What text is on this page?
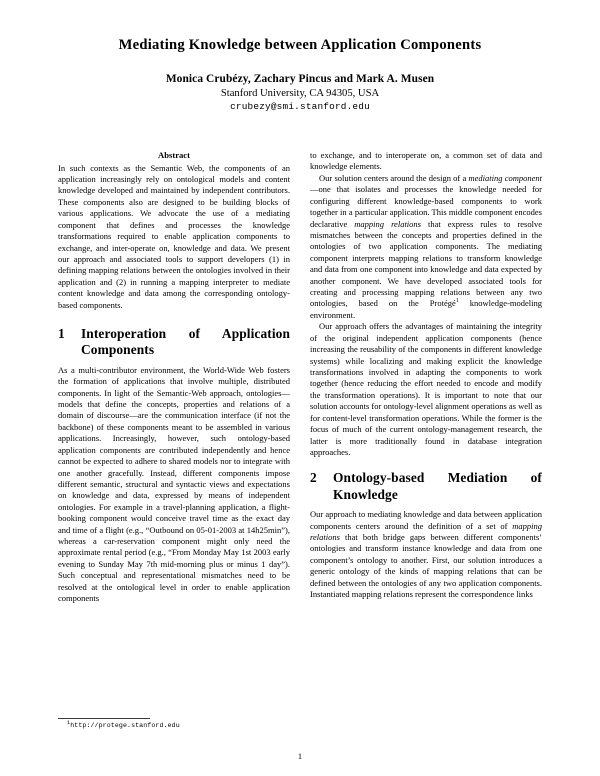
Mediating Knowledge between Application Components
Monica Crubézy, Zachary Pincus and Mark A. Musen
Stanford University, CA 94305, USA
crubezy@smi.stanford.edu
Abstract

In such contexts as the Semantic Web, the components of an application increasingly rely on ontological models and content knowledge developed and maintained by independent contributors. These components also are designed to be building blocks of various applications. We advocate the use of a mediating component that defines and processes the knowledge transformations required to enable application components to exchange, and inter-operate on, knowledge and data. We present our approach and associated tools to support developers (1) in defining mapping relations between the ontologies involved in their application and (2) in running a mapping interpreter to mediate content knowledge and data among the corresponding ontology-based components.

1	Interoperation of Application Components

As a multi-contributor environment, the World-Wide Web fosters the formation of applications that involve multiple, distributed components. In light of the Semantic-Web approach, ontologies—models that define the concepts, properties and relations of a domain of discourse—are the communication interface (if not the backbone) of these components meant to be assembled in various applications. Increasingly, however, such ontology-based application components are contributed independently and hence cannot be expected to adhere to shared models nor to integrate with one another gracefully. Instead, different components impose different semantic, structural and syntactic views and expectations on knowledge and data, expressed by means of independent ontologies. For example in a travel-planning application, a flight-booking component would conceive travel time as the exact day and time of a flight (e.g., “Outbound on 05-01-2003 at 14h25min”), whereas a car-reservation component might only need the approximate rental period (e.g., “From Monday May 1st 2003 early evening to Sunday May 7th mid-morning plus or minus 1 day”). Such conceptual and representational mismatches need to be resolved at the ontological level in order to enable application components

to exchange, and to interoperate on, a common set of data and knowledge elements.

Our solution centers around the design of a mediating component—one that isolates and processes the knowledge needed for configuring different knowledge-based components to work together in a particular application. This middle component encodes declarative mapping relations that express rules to resolve mismatches between the concepts and properties defined in the ontologies of two application components. The mediating component interprets mapping relations to transform knowledge and data from one component into knowledge and data expected by another component. We have developed associated tools for creating and processing mapping relations between any two ontologies, based on the Protégé$^1$ knowledge-modeling environment.

Our approach offers the advantages of maintaining the integrity of the original independent application components (hence increasing the reusability of the components in different knowledge systems) while localizing and making explicit the knowledge transformations involved in adapting the components to work together (hence reducing the effort needed to encode and modify the transformation operations). It is important to note that our solution accounts for ontology-level alignment operations as well as for content-level transformation operations. While the former is the focus of much of the current ontology-management research, the latter is more traditionally found in database integration approaches.

2	Ontology-based Mediation of Knowledge

Our approach to mediating knowledge and data between application components centers around the definition of a set of mapping relations that both bridge gaps between different components’ ontologies and transform instance knowledge and data from one component’s ontology to another. First, our solution introduces a generic ontology of the kinds of mapping relations that can be defined between the ontologies of any two application components. Instantiated mapping relations represent the correspondence links

$^1$http://protege.stanford.edu
1
